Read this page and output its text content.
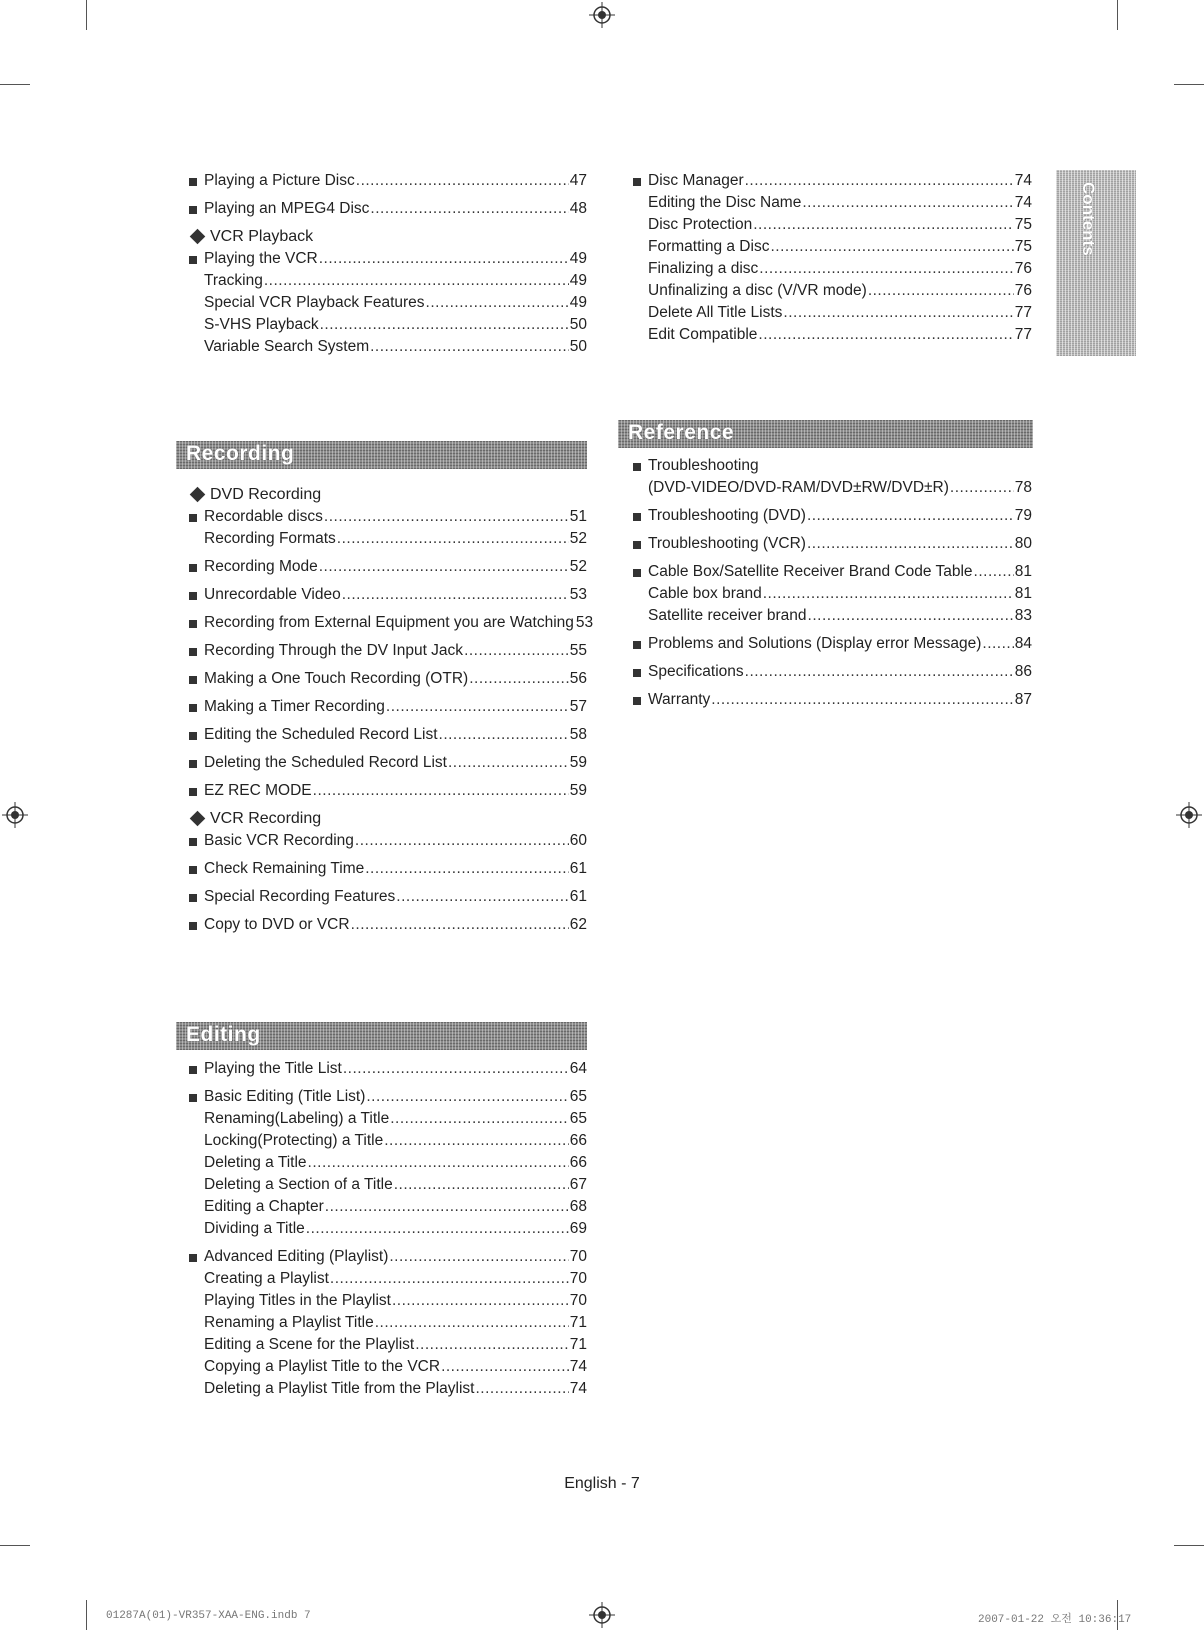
Playing a Picture Disc .....	47
Playing an MPEG4 Disc .....	48
VCR Playback
Playing the VCR .....	49
Tracking .....	49
Special VCR Playback Features .....	49
S-VHS Playback .....	50
Variable Search System .....	50
Recording
DVD Recording
Recordable discs .....	51
Recording Formats .....	52
Recording Mode .....	52
Unrecordable Video .....	53
Recording from External Equipment you are Watching 53
Recording Through the DV Input Jack .....	55
Making a One Touch Recording (OTR) .....	56
Making a Timer Recording .....	57
Editing the Scheduled Record List .....	58
Deleting the Scheduled Record List .....	59
EZ REC MODE .....	59
VCR Recording
Basic VCR Recording .....	60
Check Remaining Time .....	61
Special Recording Features .....	61
Copy to DVD or VCR .....	62
Editing
Playing the Title List .....	64
Basic Editing (Title List) .....	65
Renaming(Labeling) a Title .....	65
Locking(Protecting) a Title .....	66
Deleting a Title .....	66
Deleting a Section of a Title .....	67
Editing a Chapter .....	68
Dividing a Title .....	69
Advanced Editing (Playlist) .....	70
Creating a Playlist .....	70
Playing Titles in the Playlist .....	70
Renaming a Playlist Title .....	71
Editing a Scene for the Playlist .....	71
Copying a Playlist Title to the VCR .....	74
Deleting a Playlist Title from the Playlist .....	74
Disc Manager .....	74
Editing the Disc Name .....	74
Disc Protection .....	75
Formatting a Disc .....	75
Finalizing a disc .....	76
Unfinalizing a disc (V/VR mode) .....	76
Delete All Title Lists .....	77
Edit Compatible .....	77
Reference
Troubleshooting
(DVD-VIDEO/DVD-RAM/DVD±RW/DVD±R) .....	78
Troubleshooting (DVD) .....	79
Troubleshooting (VCR) .....	80
Cable Box/Satellite Receiver Brand Code Table .....	81
Cable box brand .....	81
Satellite receiver brand .....	83
Problems and Solutions (Display error Message) ..... 84
Specifications .....	86
Warranty .....	87
Contents
English - 7
01287A(01)-VR357-XAA-ENG.indb 7	2007-01-22 오전 10:36:17
